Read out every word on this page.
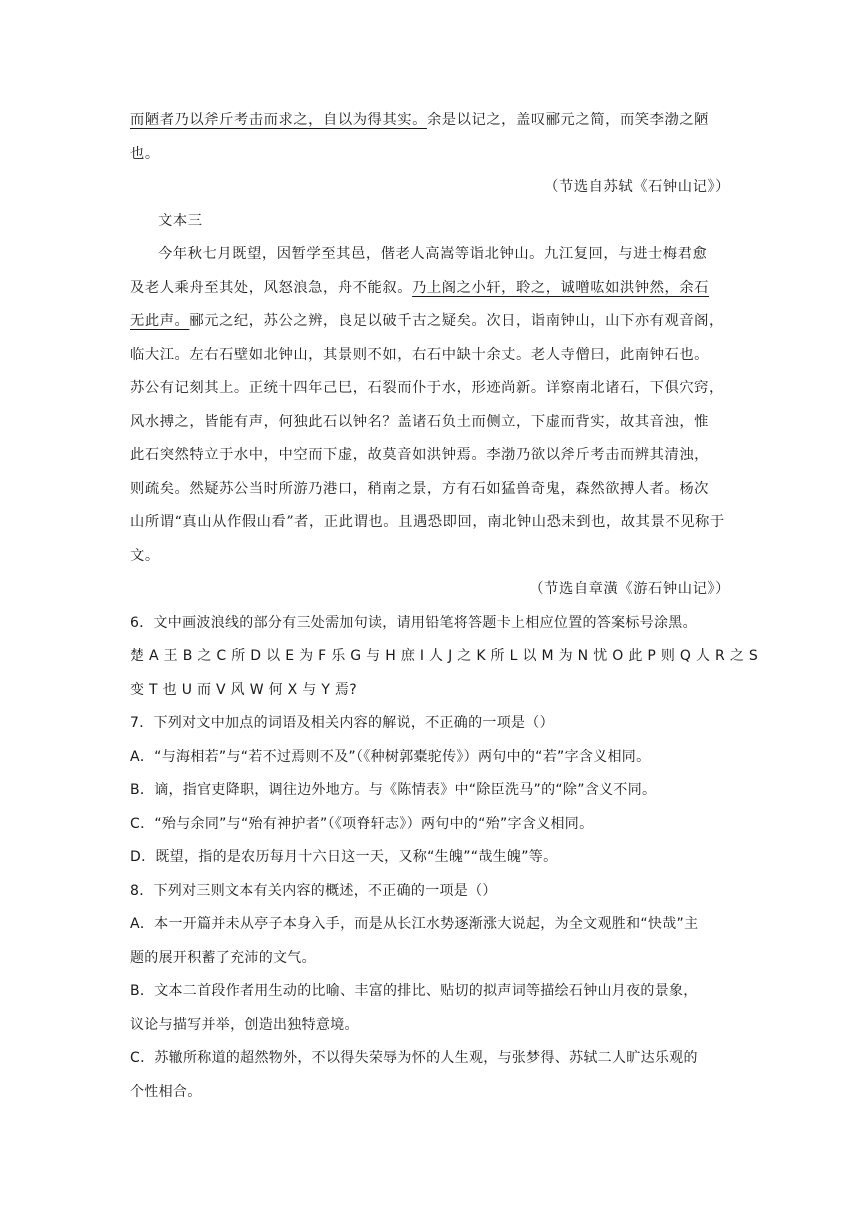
而陋者乃以斧斤考击而求之，自以为得其实。余是以记之，盖叹郦元之简，而笑李渤之陋
也。
（节选自苏轼《石钟山记》）
文本三
今年秋七月既望，因暂学至其邑，偕老人高嵩等诣北钟山。九江复回，与进士梅君愈
及老人乘舟至其处，风怒浪急，舟不能叙。乃上阁之小轩，聆之，诚噌吰如洪钟然，余石
无此声。郦元之纪，苏公之辨，良足以破千古之疑矣。次日，诣南钟山，山下亦有观音阁，
临大江。左右石壁如北钟山，其景则不如，右石中缺十余丈。老人寺僧曰，此南钟石也。
苏公有记刻其上。正统十四年己巳，石裂而仆于水，形迹尚新。详察南北诸石，下俱穴窍，
风水搏之，皆能有声，何独此石以钟名？盖诸石负土而侧立，下虚而背实，故其音浊，惟
此石突然特立于水中，中空而下虚，故莫音如洪钟焉。李渤乃欲以斧斤考击而辨其清浊，
则疏矣。然疑苏公当时所游乃港口，稍南之景，方有石如猛兽奇鬼，森然欲搏人者。杨次
山所谓“真山从作假山看”者，正此谓也。且遇恐即回，南北钟山恐未到也，故其景不见称于
文。
（节选自章潢《游石钟山记》）
6．文中画波浪线的部分有三处需加句读，请用铅笔将答题卡上相应位置的答案标号涂黑。
楚 A 王 B 之 C 所 D 以 E 为 F 乐 G 与 H 庶 I 人 J 之 K 所 L 以 M 为 N 忧 O 此 P 则 Q 人 R 之 S
变 T 也 U 而 V 风 W 何 X 与 Y 焉?
7．下列对文中加点的词语及相关内容的解说，不正确的一项是（）
A．“与海相若”与“若不过焉则不及”（《种树郭橐驼传》）两句中的“若”字含义相同。
B．谪，指官吏降职，调往边外地方。与《陈情表》中“除臣洗马”的“除”含义不同。
C．“殆与余同”与“殆有神护者”（《项脊轩志》）两句中的“殆”字含义相同。
D．既望，指的是农历每月十六日这一天，又称“生魄”“哉生魄”等。
8．下列对三则文本有关内容的概述，不正确的一项是（）
A．本一开篇并未从亭子本身入手，而是从长江水势逐渐涨大说起，为全文观胜和“快哉”主
题的展开积蓄了充沛的文气。
B．文本二首段作者用生动的比喻、丰富的排比、贴切的拟声词等描绘石钟山月夜的景象，
议论与描写并举，创造出独特意境。
C．苏辙所称道的超然物外，不以得失荣辱为怀的人生观，与张梦得、苏轼二人旷达乐观的
个性相合。
